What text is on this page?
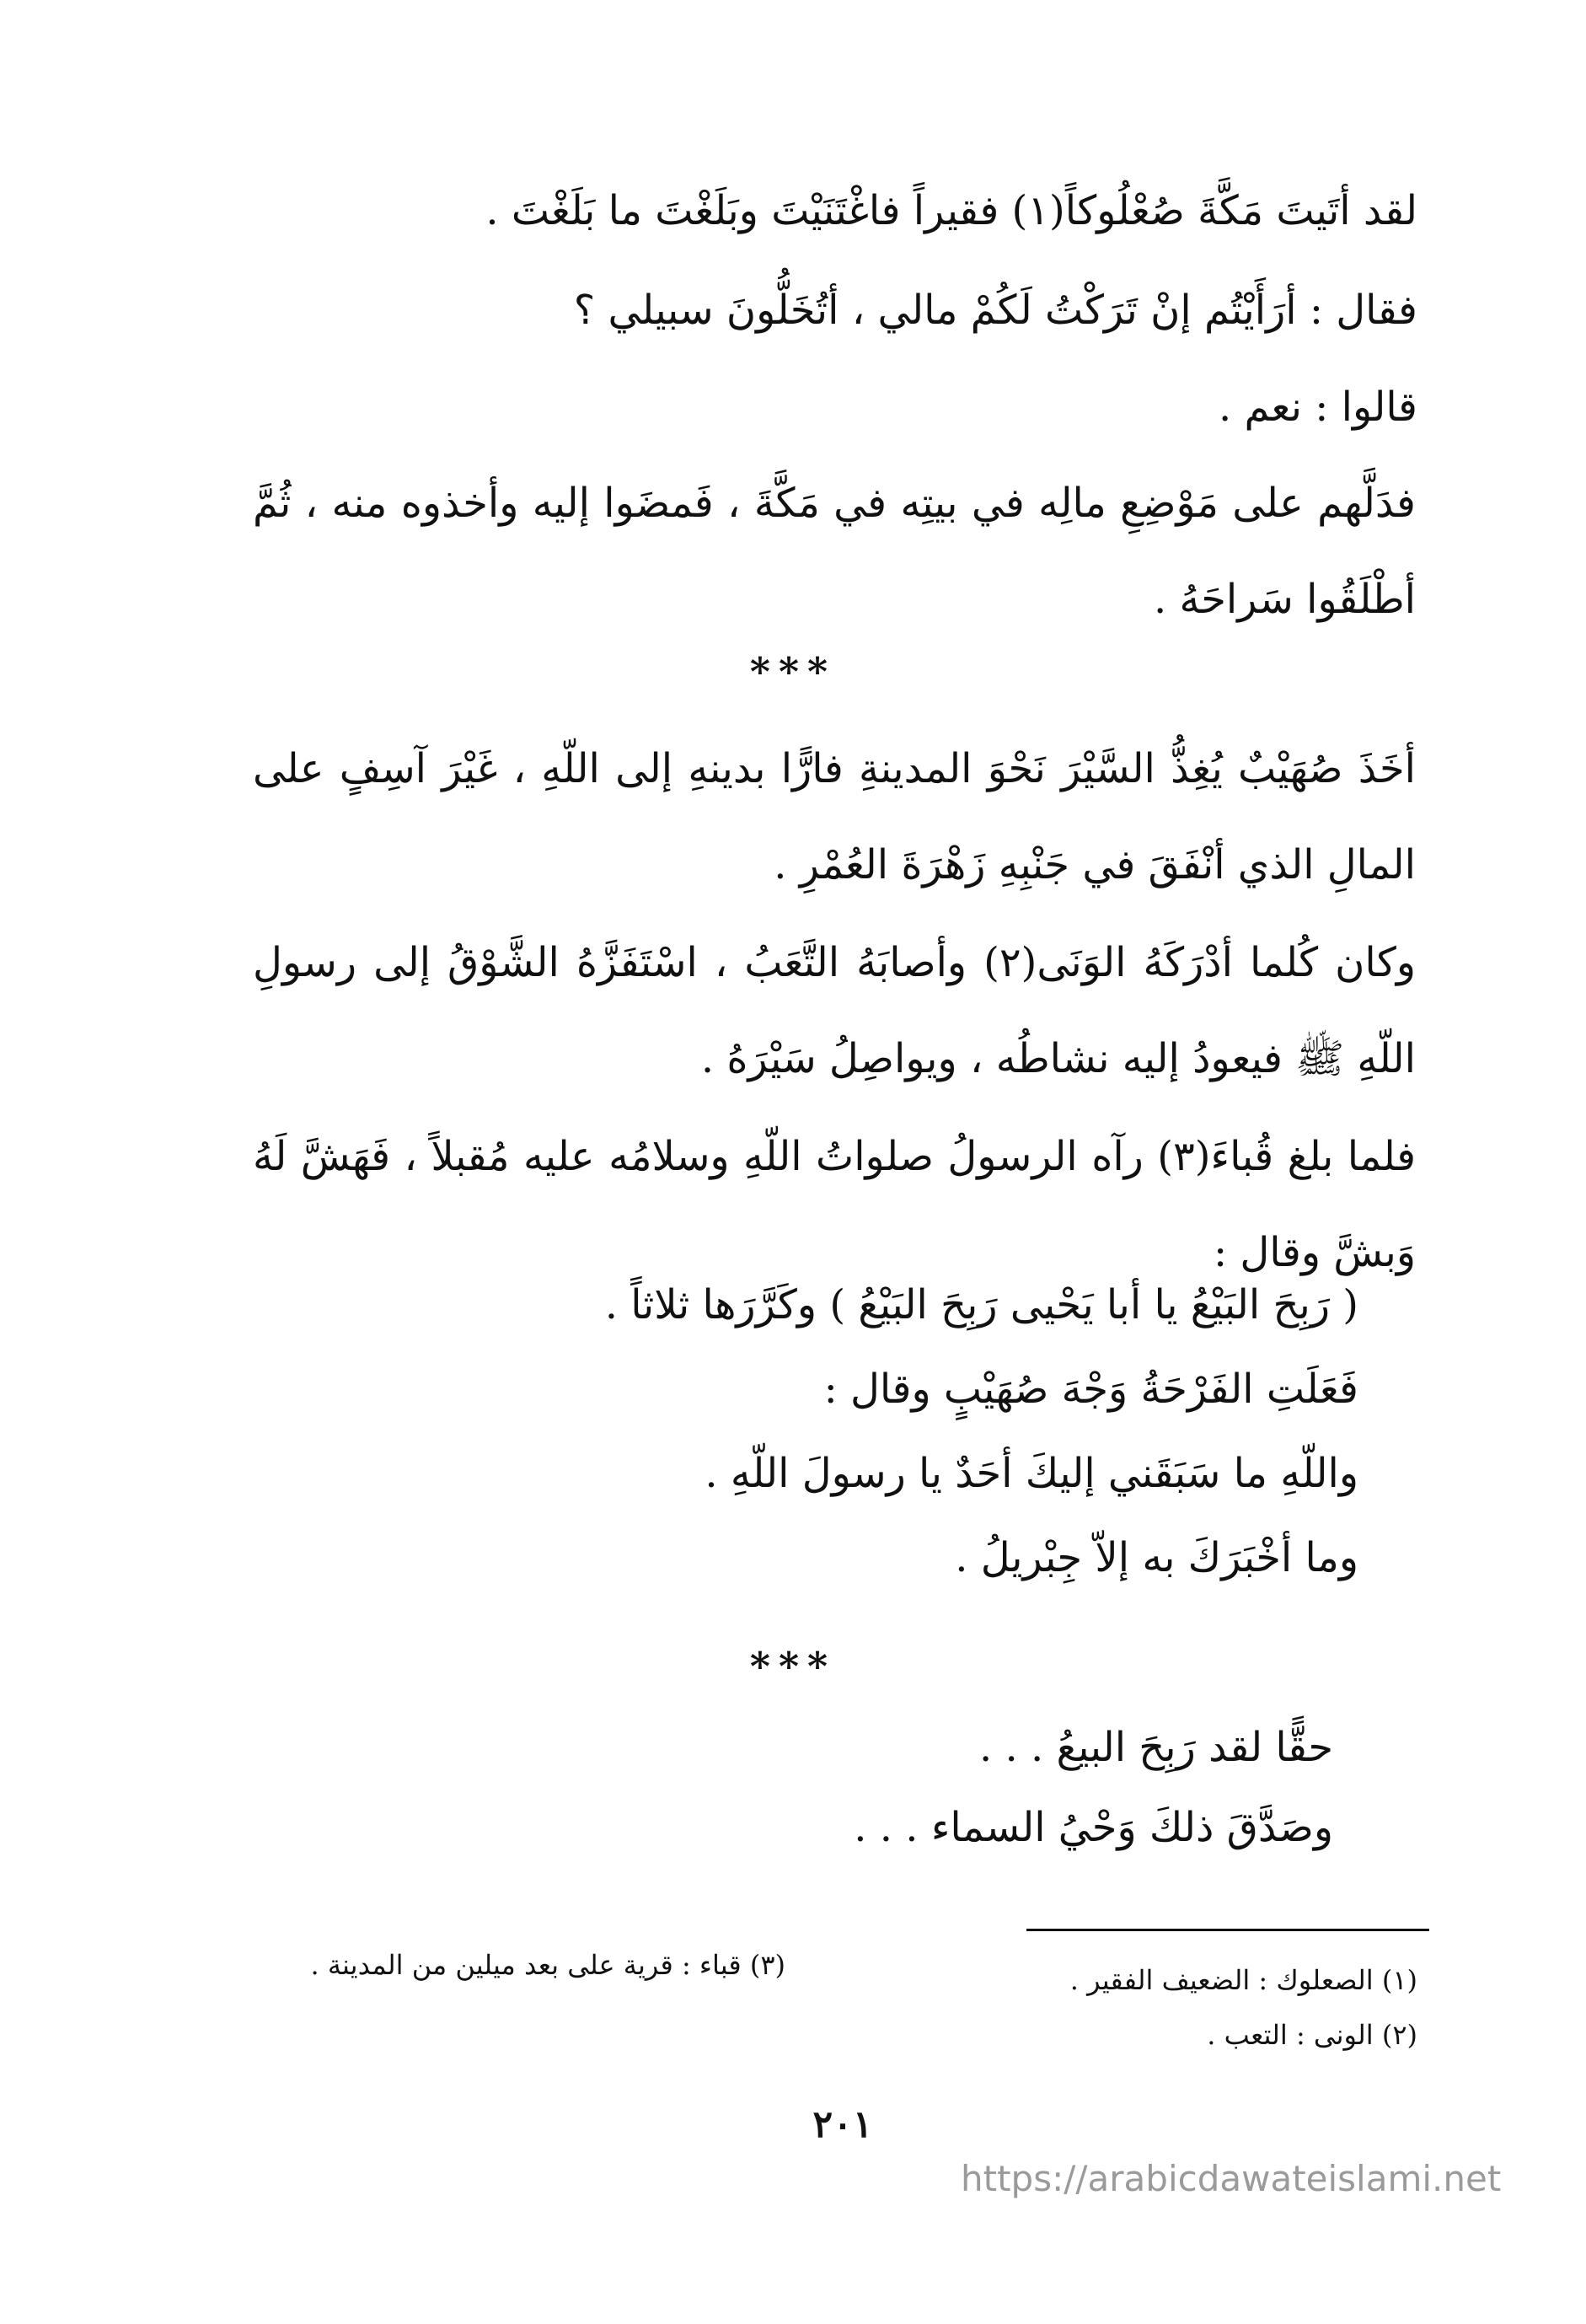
لقد أتَيتَ مَكَّةَ صُعْلُوكاً(١) فقيراً فاغْتَنَيْتَ وبَلَغْتَ ما بَلَغْتَ .
فقال : أرَأَيْتُم إنْ تَرَكْتُ لَكُمْ مالي ، أتُخَلُّونَ سبيلي ؟
قالوا : نعم .
فدَلَّهم على مَوْضِعِ مالِه في بيتِه في مَكَّةَ ، فَمضَوا إليه وأخذوه منه ، ثُمَّ أطْلَقُوا سَراحَهُ .
***
أخَذَ صُهَيْبٌ يُغِذُّ السَّيْرَ نَحْوَ المدينةِ فارًّا بدينهِ إلى اللّهِ ، غَيْرَ آسِفٍ على المالِ الذي أنْفَقَ في جَنْبِهِ زَهْرَةَ العُمْرِ .
وكان كُلما أدْرَكَهُ الوَنَى(٢) وأصابَهُ التَّعَبُ ، اسْتَفَزَّهُ الشَّوْقُ إلى رسولِ اللّهِ ﷺ فيعودُ إليه نشاطُه ، ويواصِلُ سَيْرَهُ .
فلما بلغ قُباءَ(٣) رآه الرسولُ صلواتُ اللّهِ وسلامُه عليه مُقبلاً ، فَهَشَّ لَهُ وَبشَّ وقال :
( رَبِحَ البَيْعُ يا أبا يَحْيى رَبِحَ البَيْعُ ) وكَرَّرَها ثلاثاً .
فَعَلَتِ الفَرْحَةُ وَجْهَ صُهَيْبٍ وقال :
واللّهِ ما سَبَقَني إليكَ أحَدٌ يا رسولَ اللّهِ .
وما أخْبَرَكَ به إلاّ جِبْريلُ .
***
حقًّا لقد رَبِحَ البيعُ . . .
وصَدَّقَ ذلكَ وَحْيُ السماء . . .
(١) الصعلوك : الضعيف الفقير .
(٢) الونى : التعب .
(٣) قباء : قرية على بعد ميلين من المدينة .
٢٠١
https://arabicdawateislami.net
